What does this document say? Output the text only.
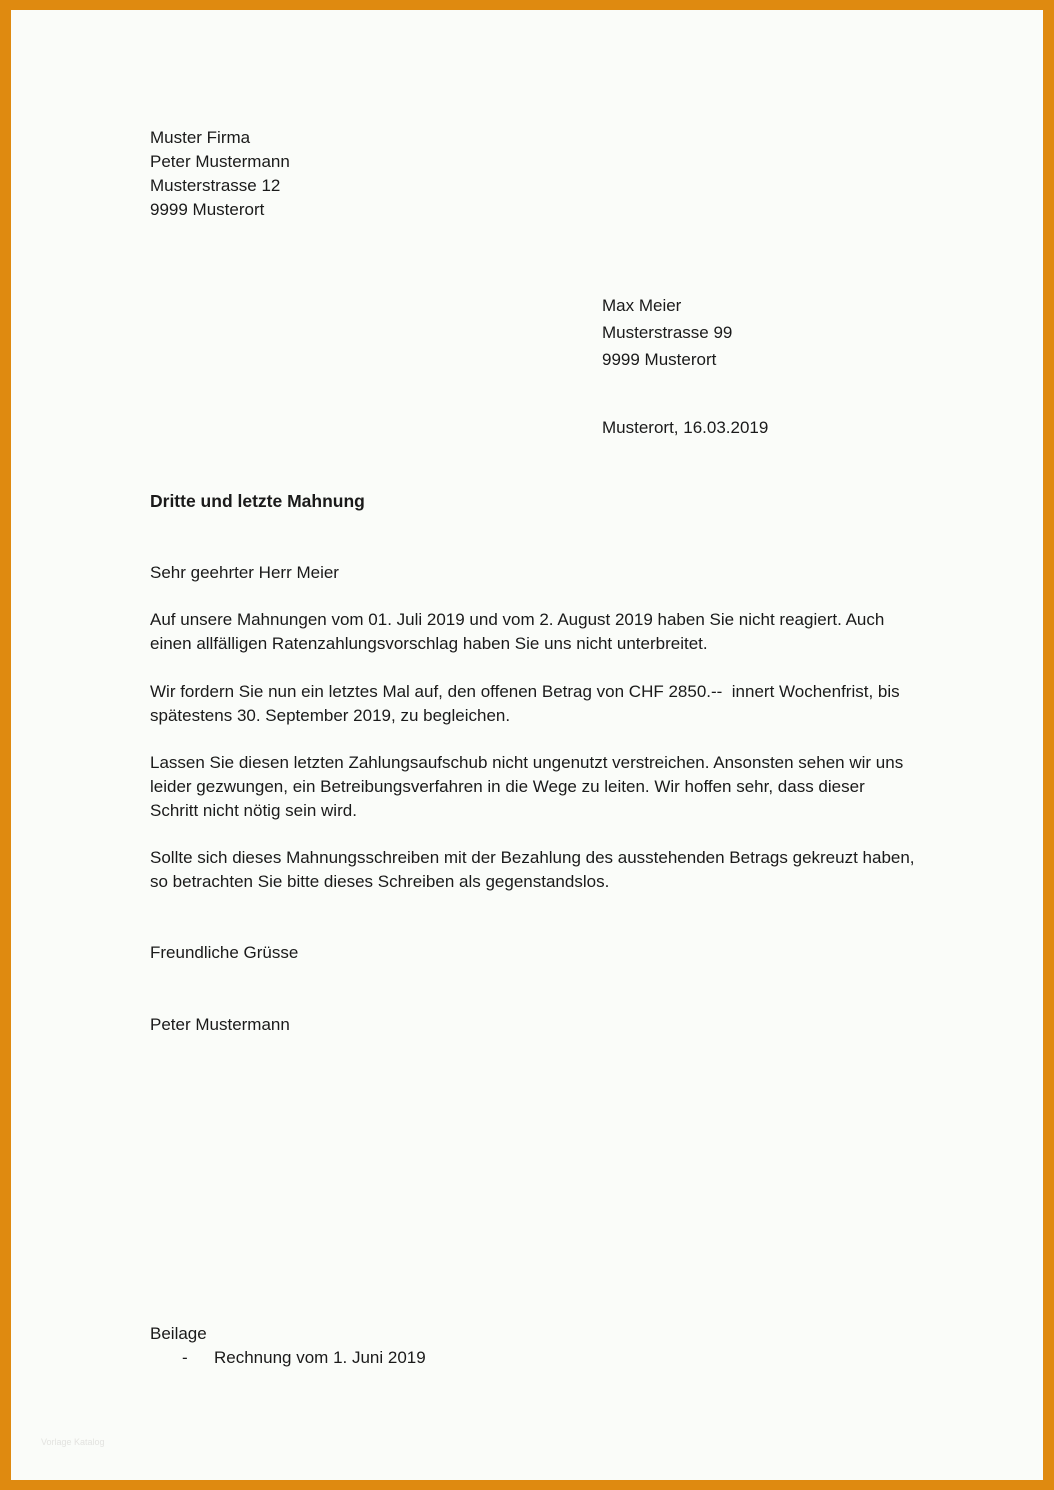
Muster Firma
Peter Mustermann
Musterstrasse 12
9999 Musterort
Max Meier
Musterstrasse 99
9999 Musterort
Musterort, 16.03.2019
Dritte und letzte Mahnung
Sehr geehrter Herr Meier
Auf unsere Mahnungen vom 01. Juli 2019 und vom 2. August 2019 haben Sie nicht reagiert. Auch
einen allfälligen Ratenzahlungsvorschlag haben Sie uns nicht unterbreitet.
Wir fordern Sie nun ein letztes Mal auf, den offenen Betrag von CHF 2850.--  innert Wochenfrist, bis
spätestens 30. September 2019, zu begleichen.
Lassen Sie diesen letzten Zahlungsaufschub nicht ungenutzt verstreichen. Ansonsten sehen wir uns
leider gezwungen, ein Betreibungsverfahren in die Wege zu leiten. Wir hoffen sehr, dass dieser
Schritt nicht nötig sein wird.
Sollte sich dieses Mahnungsschreiben mit der Bezahlung des ausstehenden Betrags gekreuzt haben,
so betrachten Sie bitte dieses Schreiben als gegenstandslos.
Freundliche Grüsse
Peter Mustermann
Beilage
- Rechnung vom 1. Juni 2019
Vorlage Katalog
